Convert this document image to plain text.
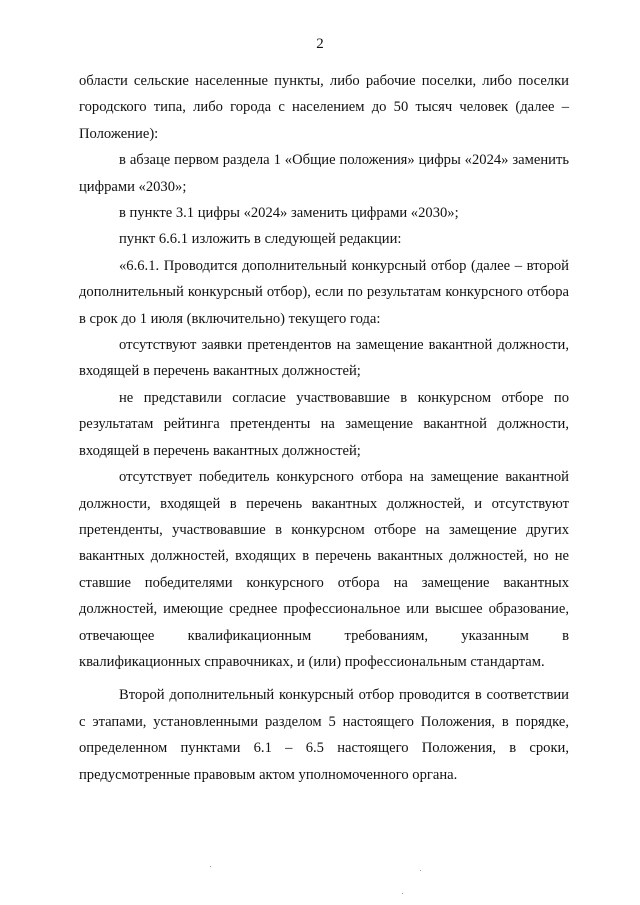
2

области сельские населенные пункты, либо рабочие поселки, либо поселки городского типа, либо города с населением до 50 тысяч человек (далее – Положение):

в абзаце первом раздела 1 «Общие положения» цифры «2024» заменить цифрами «2030»;

в пункте 3.1 цифры «2024» заменить цифрами «2030»;

пункт 6.6.1 изложить в следующей редакции:

«6.6.1. Проводится дополнительный конкурсный отбор (далее – второй дополнительный конкурсный отбор), если по результатам конкурсного отбора в срок до 1 июля (включительно) текущего года:

отсутствуют заявки претендентов на замещение вакантной должности, входящей в перечень вакантных должностей;

не представили согласие участвовавшие в конкурсном отборе по результатам рейтинга претенденты на замещение вакантной должности, входящей в перечень вакантных должностей;

отсутствует победитель конкурсного отбора на замещение вакантной должности, входящей в перечень вакантных должностей, и отсутствуют претенденты, участвовавшие в конкурсном отборе на замещение других вакантных должностей, входящих в перечень вакантных должностей, но не ставшие победителями конкурсного отбора на замещение вакантных должностей, имеющие среднее профессиональное или высшее образование, отвечающее квалификационным требованиям, указанным в квалификационных справочниках, и (или) профессиональным стандартам.

Второй дополнительный конкурсный отбор проводится в соответствии с этапами, установленными разделом 5 настоящего Положения, в порядке, определенном пунктами 6.1 – 6.5 настоящего Положения, в сроки, предусмотренные правовым актом уполномоченного органа.
